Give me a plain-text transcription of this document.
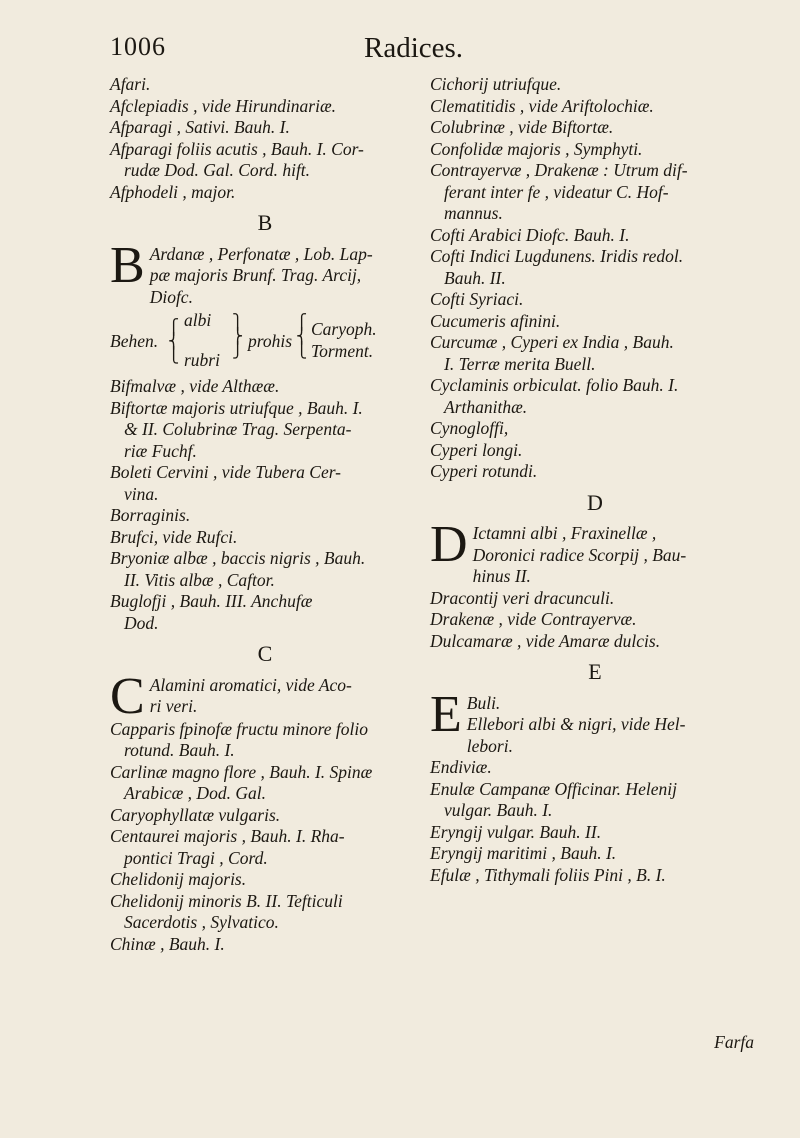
1006	Radices.
Afari.
Afclepiadis , vide Hirundinariæ.
Afparagi , Sativi. Bauh. I.
Afparagi foliis acutis , Bauh. I. Cor-
rudæ Dod. Gal. Cord. hift.
Afphodeli , major.
B
B Ardanæ , Perfonatæ , Lob. Lap-
pæ majoris Brunf. Trag. Arcij,
Diofc.
Behen.
⎧
⎨
⎩
albi
rubri
⎫
⎬
⎭ prohis
⎧
⎨
⎩
Caryoph.
Torment.
Bifmalvæ , vide Althææ.
Biftortæ majoris utriufque , Bauh. I.
& II. Colubrinæ Trag. Serpenta-
riæ Fuchf.
Boleti Cervini , vide Tubera Cer-
vina.
Borraginis.
Brufci, vide Rufci.
Bryoniæ albæ , baccis nigris , Bauh.
II. Vitis albæ , Caftor.
Buglofji , Bauh. III. Anchufæ
Dod.
C
C Alamini aromatici, vide Aco-
ri veri.
Capparis fpinofæ fructu minore folio
rotund. Bauh. I.
Carlinæ magno flore , Bauh. I. Spinæ
Arabicæ , Dod. Gal.
Caryophyllatæ vulgaris.
Centaurei majoris , Bauh. I. Rha-
pontici Tragi , Cord.
Chelidonij majoris.
Chelidonij minoris B. II. Tefticuli
Sacerdotis , Sylvatico.
Chinæ , Bauh. I.
Cichorij utriufque.
Clematitidis , vide Ariftolochiæ.
Colubrinæ , vide Biftortæ.
Confolidæ majoris , Symphyti.
Contrayervæ , Drakenæ : Utrum dif-
ferant inter fe , videatur C. Hof-
mannus.
Cofti Arabici Diofc. Bauh. I.
Cofti Indici Lugdunens. Iridis redol.
Bauh. II.
Cofti Syriaci.
Cucumeris afinini.
Curcumæ , Cyperi ex India , Bauh.
I. Terræ merita Buell.
Cyclaminis orbiculat. folio Bauh. I.
Arthanithæ.
Cynogloffi,
Cyperi longi.
Cyperi rotundi.
D
D Ictamni albi , Fraxinellæ ,
Doronici radice Scorpij , Bau-
hinus II.
Dracontij veri dracunculi.
Drakenæ , vide Contrayervæ.
Dulcamaræ , vide Amaræ dulcis.
E
E Buli.
Ellebori albi & nigri, vide Hel-
lebori.
Endiviæ.
Enulæ Campanæ Officinar. Helenij
vulgar. Bauh. I.
Eryngij vulgar. Bauh. II.
Eryngij maritimi , Bauh. I.
Efulæ , Tithymali foliis Pini , B. I.
Farfa
